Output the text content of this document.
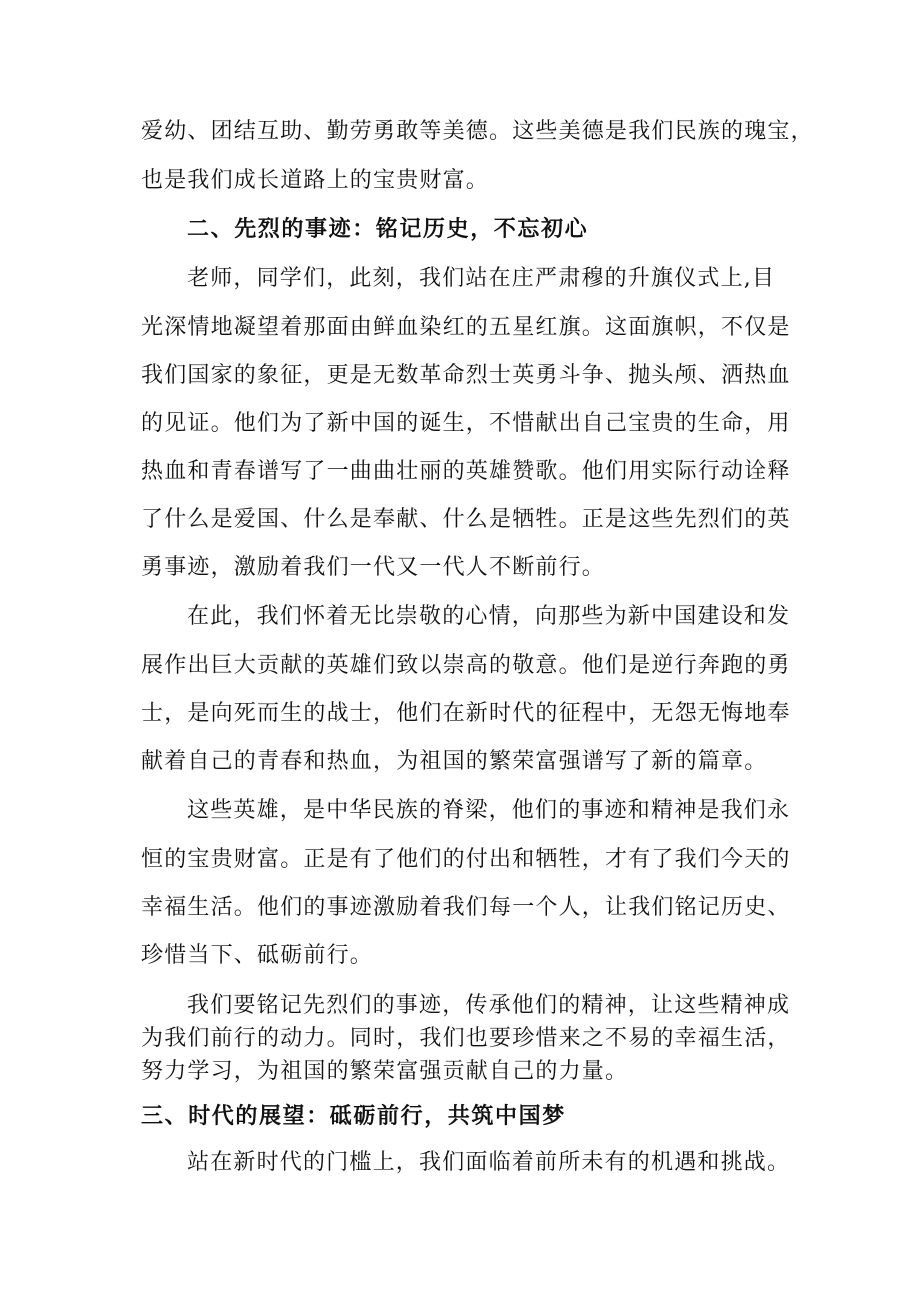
爱幼、团结互助、勤劳勇敢等美德。这些美德是我们民族的瑰宝，
也是我们成长道路上的宝贵财富。
二、先烈的事迹：铭记历史，不忘初心
老师，同学们，此刻，我们站在庄严肃穆的升旗仪式上,目
光深情地凝望着那面由鲜血染红的五星红旗。这面旗帜，不仅是
我们国家的象征，更是无数革命烈士英勇斗争、抛头颅、洒热血
的见证。他们为了新中国的诞生，不惜献出自己宝贵的生命，用
热血和青春谱写了一曲曲壮丽的英雄赞歌。他们用实际行动诠释
了什么是爱国、什么是奉献、什么是牺牲。正是这些先烈们的英
勇事迹，激励着我们一代又一代人不断前行。
在此，我们怀着无比崇敬的心情，向那些为新中国建设和发
展作出巨大贡献的英雄们致以崇高的敬意。他们是逆行奔跑的勇
士，是向死而生的战士，他们在新时代的征程中，无怨无悔地奉
献着自己的青春和热血，为祖国的繁荣富强谱写了新的篇章。
这些英雄，是中华民族的脊梁，他们的事迹和精神是我们永
恒的宝贵财富。正是有了他们的付出和牺牲，才有了我们今天的
幸福生活。他们的事迹激励着我们每一个人，让我们铭记历史、
珍惜当下、砥砺前行。
我们要铭记先烈们的事迹，传承他们的精神，让这些精神成
为我们前行的动力。同时，我们也要珍惜来之不易的幸福生活，
努力学习，为祖国的繁荣富强贡献自己的力量。
三、时代的展望：砥砺前行，共筑中国梦
站在新时代的门槛上，我们面临着前所未有的机遇和挑战。
